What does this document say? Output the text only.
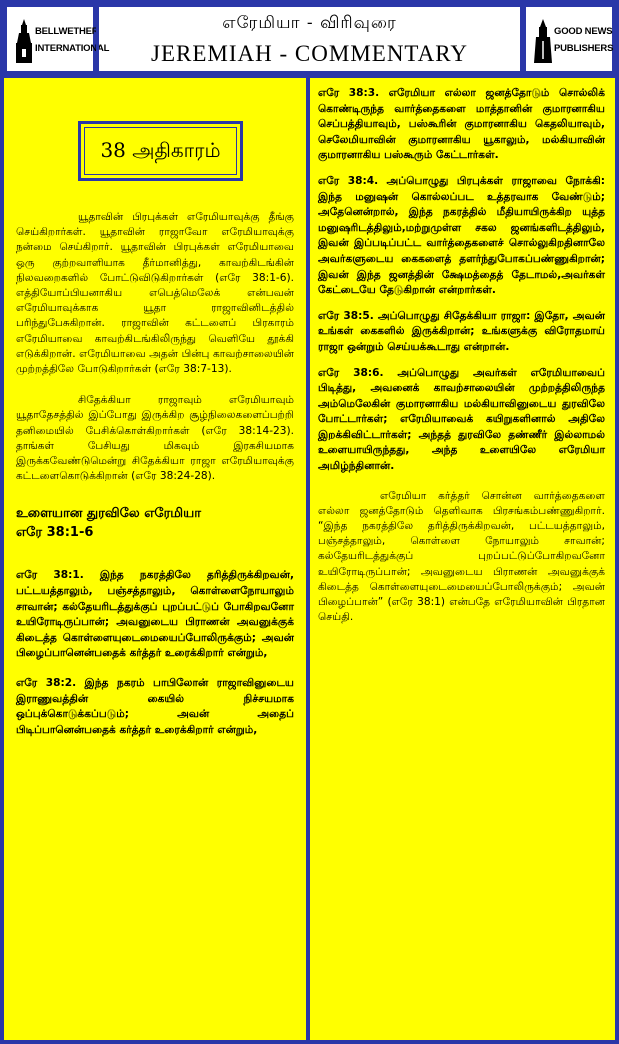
BELLWETHER INTERNATIONAL
எரேமியா - விரிவுரை
JEREMIAH - COMMENTARY
GOOD NEWS PUBLISHERS
38 அதிகாரம்

யூதாவின் பிரபுக்கள் எரேமியாவுக்கு தீங்கு செய்கிறார்கள். யூதாவின் ராஜாவோ எரேமியாவுக்கு நன்மை செய்கிறார். யூதாவின் பிரபுக்கள் எரேமியாவை ஒரு குற்றவாளியாக தீர்மானித்து, காவற்கிடங்கின் நிலவறைகளில் போட்டுவிடுகிறார்கள் (எரே 38:1-6). எத்தியோப்பியனாகிய எபெத்மெலேக் என்பவன் எரேமியாவுக்காக யூதா ராஜாவினிடத்தில் பரிந்துபேசுகிறான். ராஜாவின் கட்டளைப் பிரகாரம் எரேமியாவை காவற்கிடங்கிலிருந்து வெளியே தூக்கி எடுக்கிறான். எரேமியாவை அதன் பின்பு காவற்சாலையின் முற்றத்திலே போடுகிறார்கள் (எரே 38:7-13).

சிதேக்கியா ராஜாவும் எரேமியாவும் யூதாதேசத்தில் இப்போது இருக்கிற சூழ்நிலைகளைப்பற்றி தனிமையில் பேசிக்கொள்கிறார்கள் (எரே 38:14-23). தாங்கள் பேசியது மிகவும் இரகசியமாக இருக்கவேண்டுமென்று சிதேக்கியா ராஜா எரேமியாவுக்கு கட்டளைகொடுக்கிறான் (எரே 38:24-28).

உளையான துரவிலே எரேமியா

எரே 38:1-6

எரே 38:1. இந்த நகரத்திலே தரித்திருக்கிறவன், பட்டயத்தாலும், பஞ்சத்தாலும், கொள்ளைநோயாலும் சாவான்; கல்தேயரிடத்துக்குப் புறப்பட்டுப் போகிறவனோ உயிரோடிருப்பான்; அவனுடைய பிராணன் அவனுக்குக் கிடைத்த கொள்ளையுடைமையைப்போலிருக்கும்; அவன் பிழைப்பானென்பதைக் கர்த்தர் உரைக்கிறார் என்றும்,

எரே 38:2. இந்த நகரம் பாபிலோன் ராஜாவினுடைய இராணுவத்தின் கையில் நிச்சயமாக ஒப்புக்கொடுக்கப்படும்; அவன் அதைப் பிடிப்பானென்பதைக் கர்த்தர் உரைக்கிறார் என்றும்,

எரே 38:3. எரேமியா எல்லா ஜனத்தோடும் சொல்லிக் கொண்டிருந்த வார்த்தைகளை மாத்தானின் குமாரனாகிய செப்பத்தியாவும், பஸ்கூரின் குமாரனாகிய கெதலியாவும், செலேமியாவின் குமாரனாகிய யூகாலும், மல்கியாவின் குமாரனாகிய பஸ்கூரும் கேட்டார்கள்.

எரே 38:4. அப்பொழுது பிரபுக்கள் ராஜாவை நோக்கி: இந்த மனுஷன் கொல்லப்பட உத்தரவாக வேண்டும்; அதேனென்றால், இந்த நகரத்தில் மீதியாயிருக்கிற யுத்த மனுஷரிடத்திலும்,மற்றுமுள்ள சகல ஜனங்களிடத்திலும், இவன் இப்படிப்பட்ட வார்த்தைகளைச் சொல்லுகிறதினாலே அவர்களுடைய கைகளைத் தளர்ந்துபோகப்பண்ணுகிறான்; இவன் இந்த ஜனத்தின் க்ஷேமத்தைத் தேடாமல்,அவர்கள் கேட்டையே தேடுகிறான் என்றார்கள்.

எரே 38:5. அப்பொழுது சிதேக்கியா ராஜா: இதோ, அவன் உங்கள் கைகளில் இருக்கிறான்; உங்களுக்கு விரோதமாய் ராஜா ஒன்றும் செய்யக்கூடாது என்றான்.

எரே 38:6. அப்பொழுது அவர்கள் எரேமியாவைப் பிடித்து, அவனைக் காவற்சாலையின் முற்றத்திலிருந்த அம்மெலேகின் குமாரனாகிய மல்கியாவினுடைய துரவிலே போட்டார்கள்; எரேமியாவைக் கயிறுகளினால் அதிலே இறக்கிவிட்டார்கள்; அந்தத் துரவிலே தண்ணீர் இல்லாமல் உளையாயிருந்தது, அந்த உளையிலே எரேமியா அமிழ்ந்தினான்.

எரேமியா கர்த்தர் சொன்ன வார்த்தைகளை எல்லா ஜனத்தோடும் தெளிவாக பிரசங்கம்பண்ணுகிறார். “இந்த நகரத்திலே தரித்திருக்கிறவன், பட்டயத்தாலும், பஞ்சத்தாலும், கொள்ளை நோயாலும் சாவான்; கல்தேயரிடத்துக்குப் புறப்பட்டுப்போகிறவனோ உயிரோடிருப்பான்; அவனுடைய பிராணன் அவனுக்குக் கிடைத்த கொள்ளையுடைமையைப்போலிருக்கும்; அவன் பிழைப்பான்” (எரே 38:1) என்பதே எரேமியாவின் பிரதான செய்தி.
